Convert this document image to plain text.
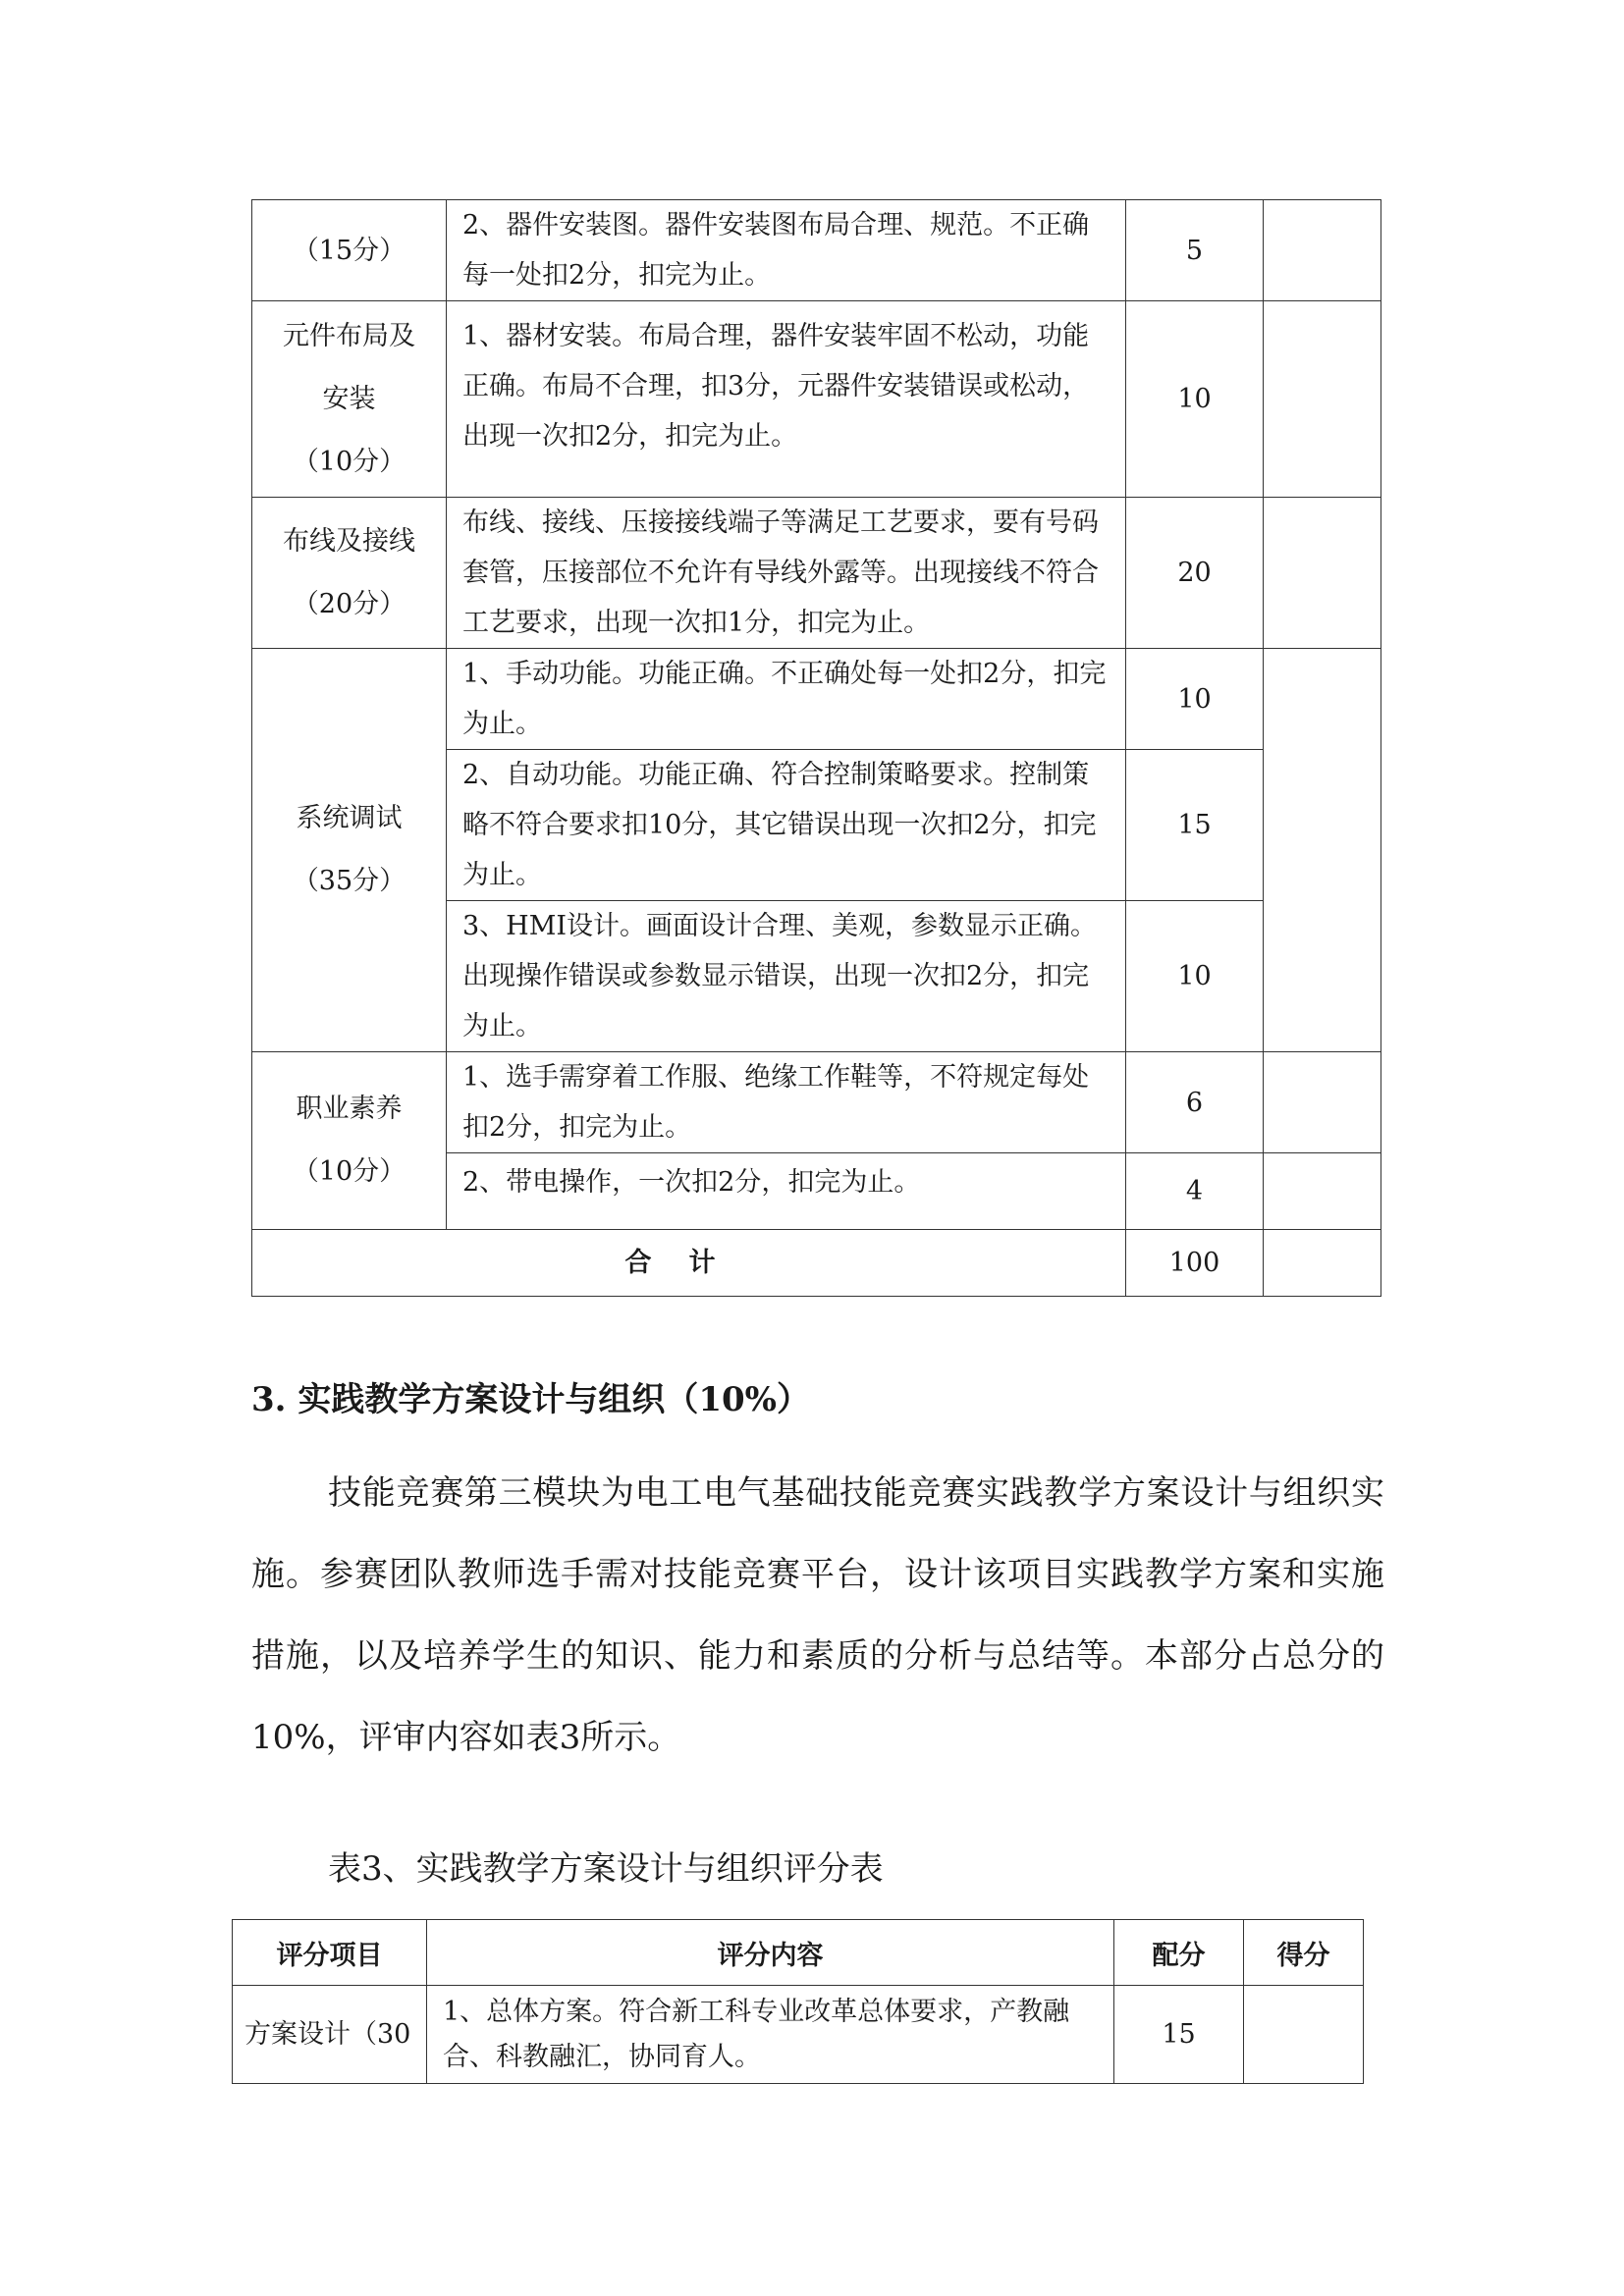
（15分）	2、器件安装图。器件安装图布局合理、规范。不正确每一处扣2分，扣完为止。	5	

元件布局及
安装
（10分）	1、器材安装。布局合理，器件安装牢固不松动，功能正确。布局不合理，扣3分，元器件安装错误或松动，出现一次扣2分，扣完为止。	10	

布线及接线
（20分）	布线、接线、压接接线端子等满足工艺要求，要有号码套管，压接部位不允许有导线外露等。出现接线不符合工艺要求，出现一次扣1分，扣完为止。	20	

系统调试
（35分）	1、手动功能。功能正确。不正确处每一处扣2分，扣完为止。	10	
	2、自动功能。功能正确、符合控制策略要求。控制策略不符合要求扣10分，其它错误出现一次扣2分，扣完为止。	15	
	3、HMI设计。画面设计合理、美观，参数显示正确。出现操作错误或参数显示错误，出现一次扣2分，扣完为止。	10	

职业素养
（10分）	1、选手需穿着工作服、绝缘工作鞋等，不符规定每处扣2分，扣完为止。	6	
	2、带电操作，一次扣2分，扣完为止。	4	
合计		100	
3. 实践教学方案设计与组织（10%）

技能竞赛第三模块为电工电气基础技能竞赛实践教学方案设计与组织实施。参赛团队教师选手需对技能竞赛平台，设计该项目实践教学方案和实施措施，以及培养学生的知识、能力和素质的分析与总结等。本部分占总分的10%，评审内容如表3所示。

表3、实践教学方案设计与组织评分表

评分项目	评分内容	配分	得分
方案设计（30	1、总体方案。符合新工科专业改革总体要求，产教融合、科教融汇，协同育人。	15	
